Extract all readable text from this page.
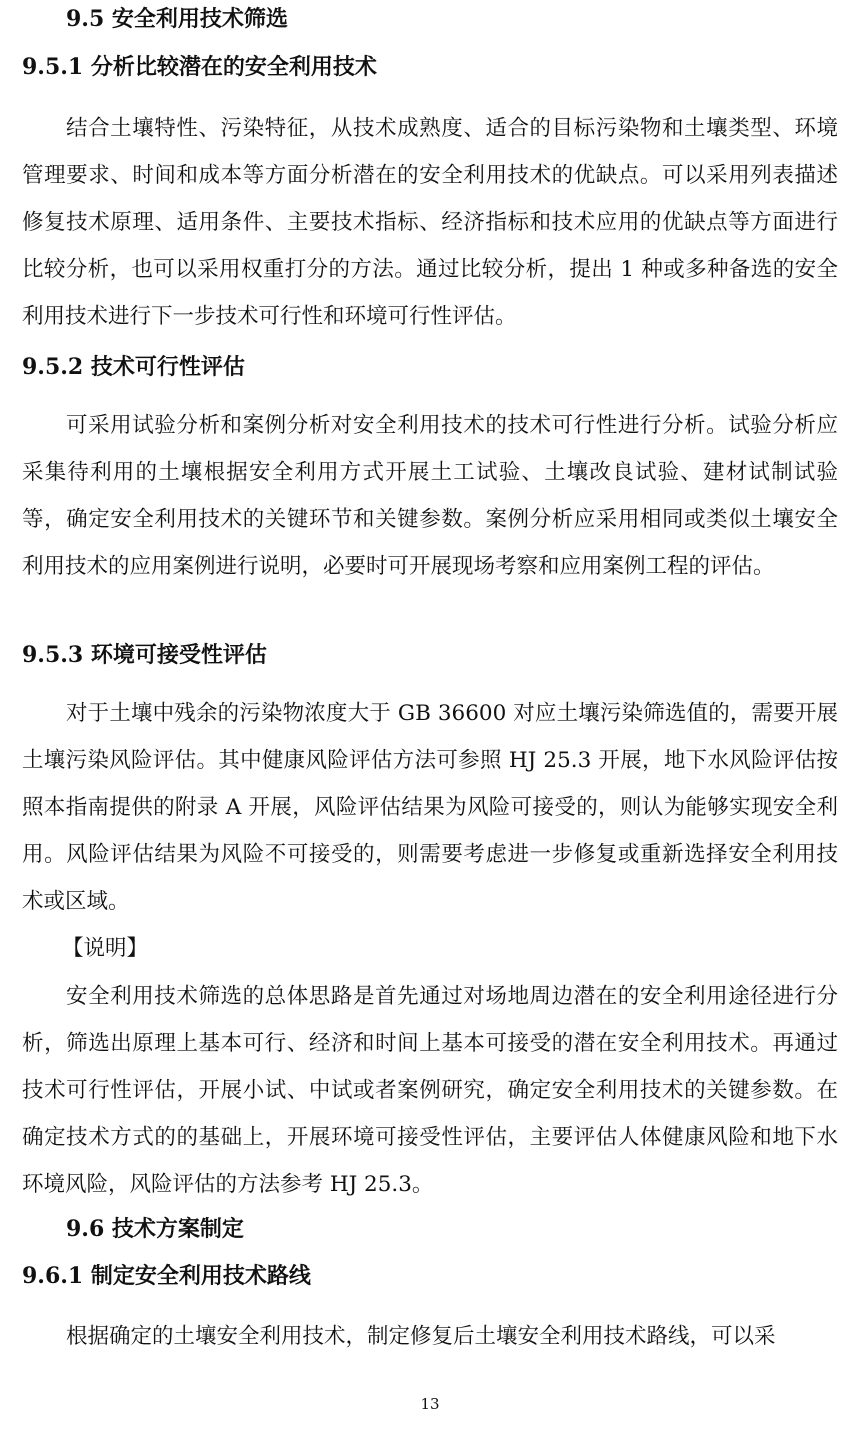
9.5 安全利用技术筛选
9.5.1 分析比较潜在的安全利用技术

结合土壤特性、污染特征，从技术成熟度、适合的目标污染物和土壤类型、环境管理要求、时间和成本等方面分析潜在的安全利用技术的优缺点。可以采用列表描述修复技术原理、适用条件、主要技术指标、经济指标和技术应用的优缺点等方面进行比较分析，也可以采用权重打分的方法。通过比较分析，提出 1 种或多种备选的安全利用技术进行下一步技术可行性和环境可行性评估。

9.5.2 技术可行性评估

可采用试验分析和案例分析对安全利用技术的技术可行性进行分析。试验分析应采集待利用的土壤根据安全利用方式开展土工试验、土壤改良试验、建材试制试验等，确定安全利用技术的关键环节和关键参数。案例分析应采用相同或类似土壤安全利用技术的应用案例进行说明，必要时可开展现场考察和应用案例工程的评估。

9.5.3 环境可接受性评估

对于土壤中残余的污染物浓度大于 GB 36600 对应土壤污染筛选值的，需要开展土壤污染风险评估。其中健康风险评估方法可参照 HJ 25.3 开展，地下水风险评估按照本指南提供的附录 A 开展，风险评估结果为风险可接受的，则认为能够实现安全利用。风险评估结果为风险不可接受的，则需要考虑进一步修复或重新选择安全利用技术或区域。

【说明】

安全利用技术筛选的总体思路是首先通过对场地周边潜在的安全利用途径进行分析，筛选出原理上基本可行、经济和时间上基本可接受的潜在安全利用技术。再通过技术可行性评估，开展小试、中试或者案例研究，确定安全利用技术的关键参数。在确定技术方式的的基础上，开展环境可接受性评估，主要评估人体健康风险和地下水环境风险，风险评估的方法参考 HJ 25.3。

9.6 技术方案制定
9.6.1 制定安全利用技术路线

根据确定的土壤安全利用技术，制定修复后土壤安全利用技术路线，可以采

13
